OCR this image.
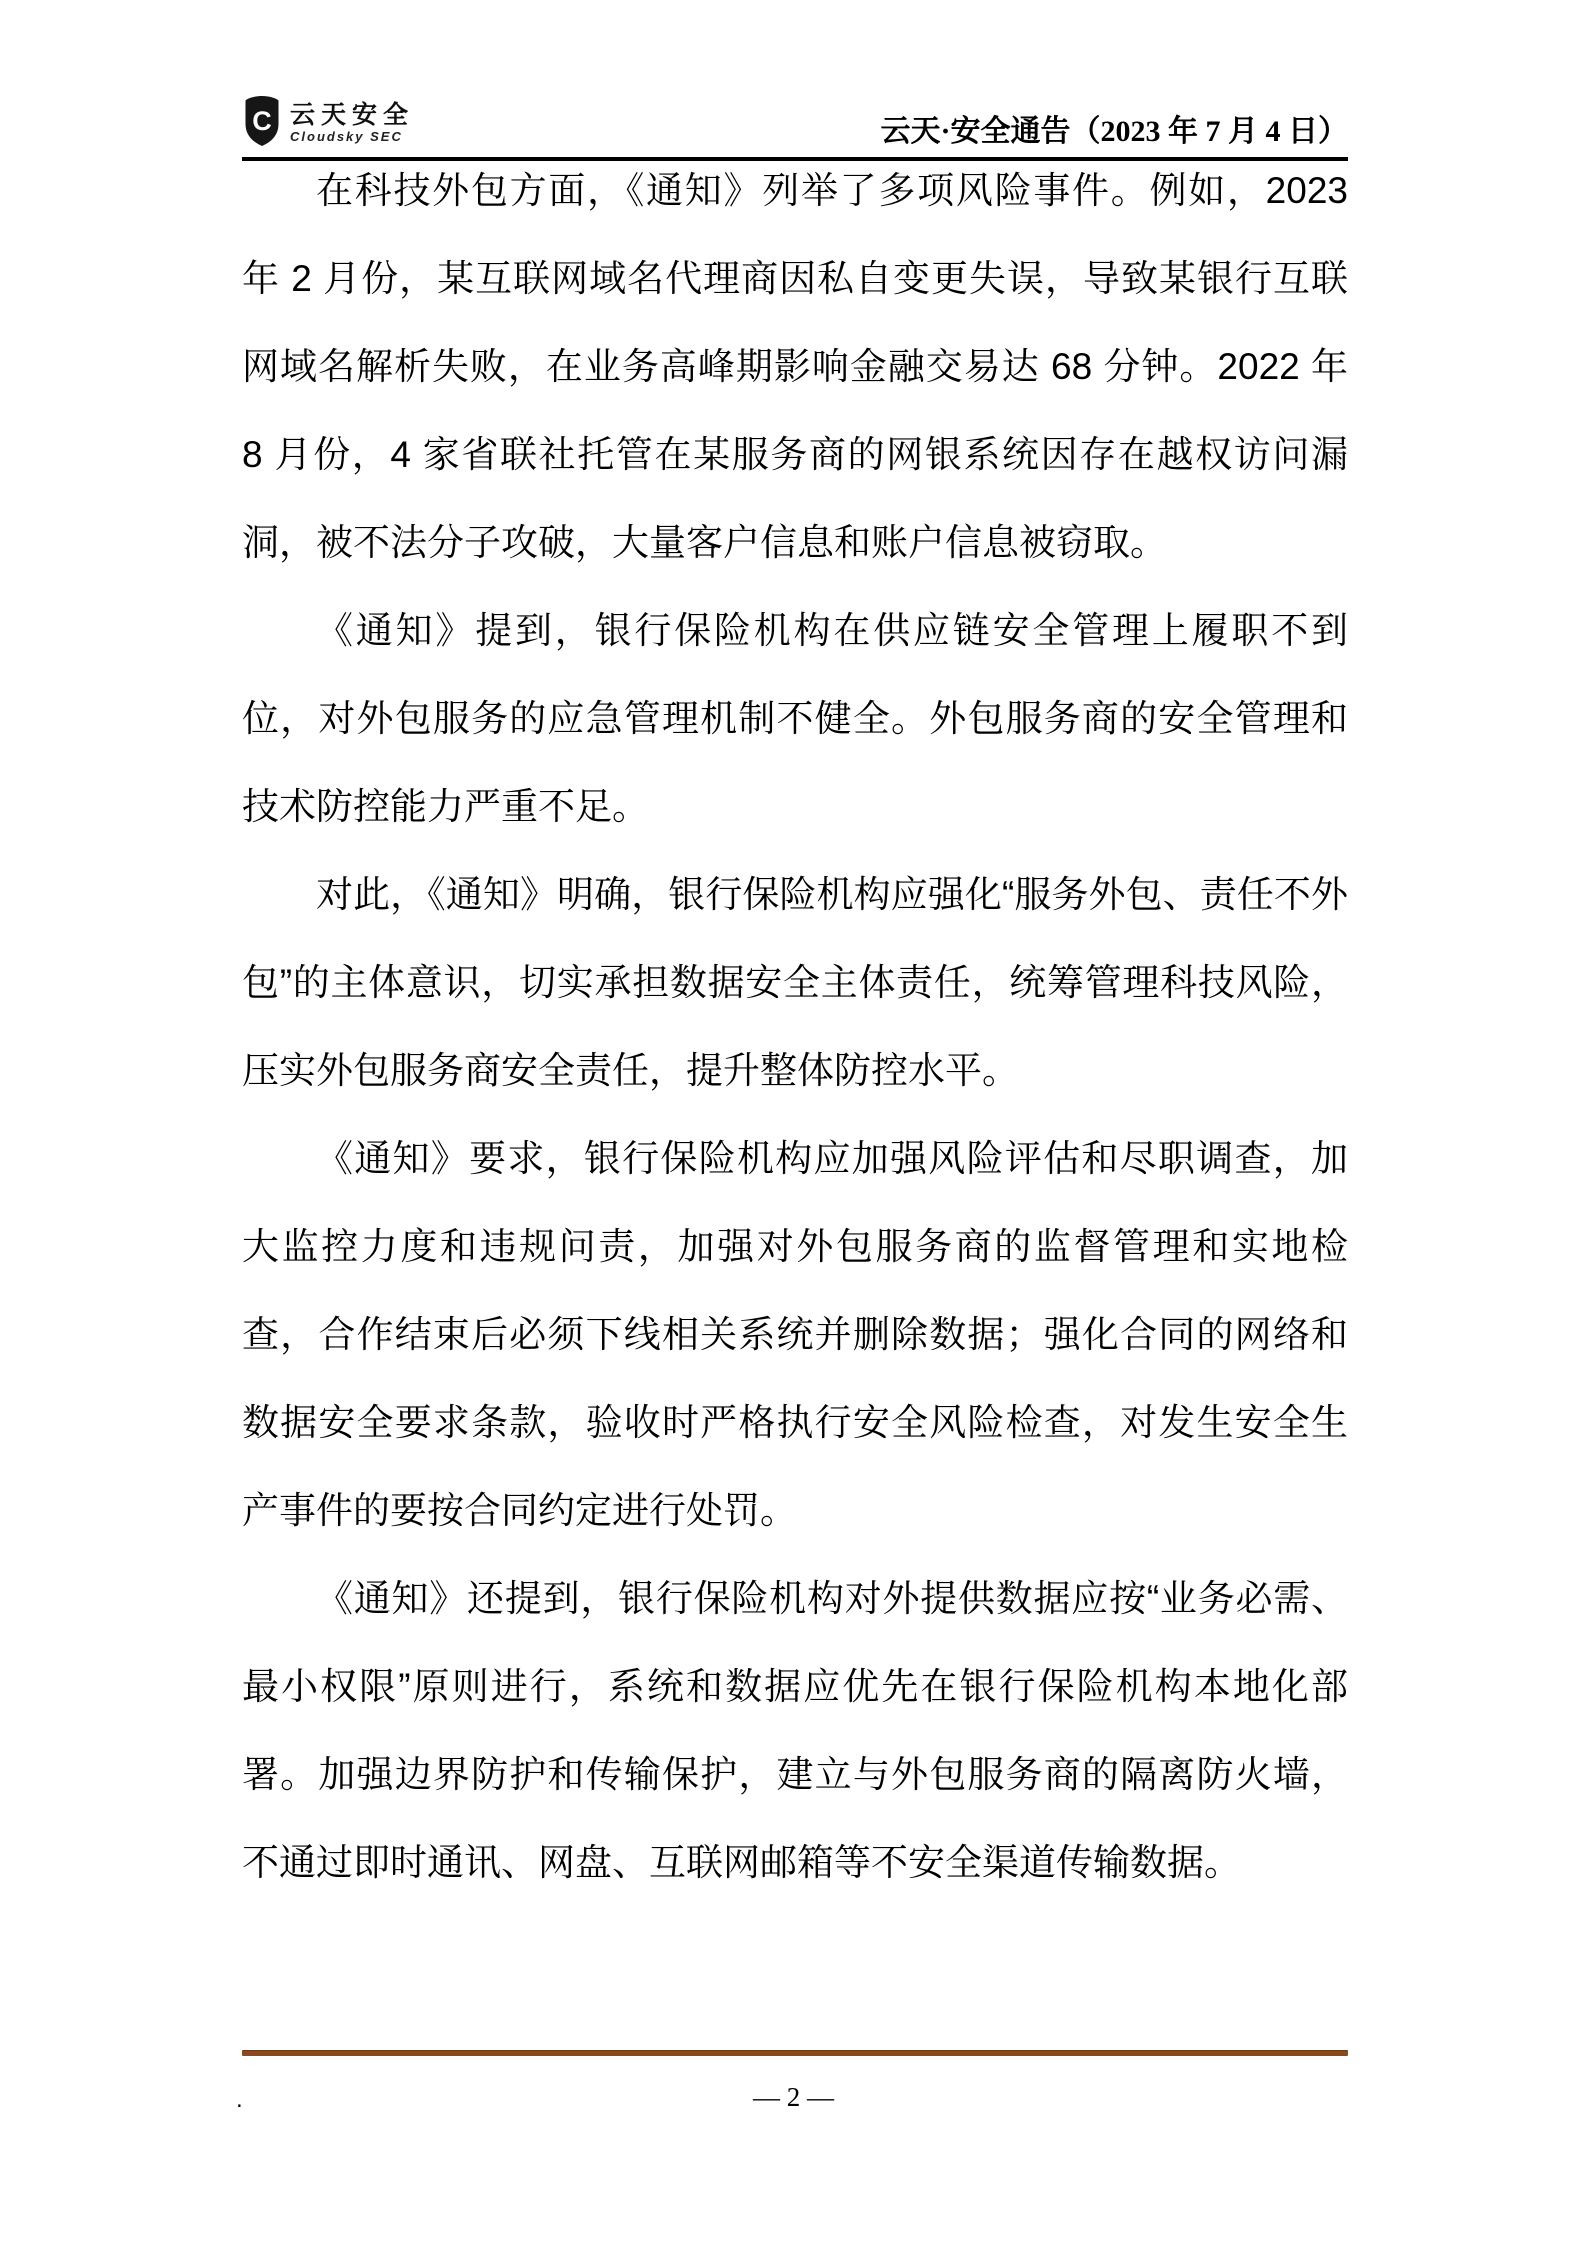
C 云天安全
Cloudsky SEC	云天·安全通告（2023 年 7 月 4 日）

在科技外包方面，《通知》列举了多项风险事件。例如，2023 年 2 月份，某互联网域名代理商因私自变更失误，导致某银行互联网域名解析失败，在业务高峰期影响金融交易达 68 分钟。2022 年 8 月份，4 家省联社托管在某服务商的网银系统因存在越权访问漏洞，被不法分子攻破，大量客户信息和账户信息被窃取。

《通知》提到，银行保险机构在供应链安全管理上履职不到位，对外包服务的应急管理机制不健全。外包服务商的安全管理和技术防控能力严重不足。

对此，《通知》明确，银行保险机构应强化“服务外包、责任不外包”的主体意识，切实承担数据安全主体责任，统筹管理科技风险，压实外包服务商安全责任，提升整体防控水平。

《通知》要求，银行保险机构应加强风险评估和尽职调查，加大监控力度和违规问责，加强对外包服务商的监督管理和实地检查，合作结束后必须下线相关系统并删除数据；强化合同的网络和数据安全要求条款，验收时严格执行安全风险检查，对发生安全生产事件的要按合同约定进行处罚。

《通知》还提到，银行保险机构对外提供数据应按“业务必需、最小权限”原则进行，系统和数据应优先在银行保险机构本地化部署。加强边界防护和传输保护，建立与外包服务商的隔离防火墙，不通过即时通讯、网盘、互联网邮箱等不安全渠道传输数据。

.	— 2 —
